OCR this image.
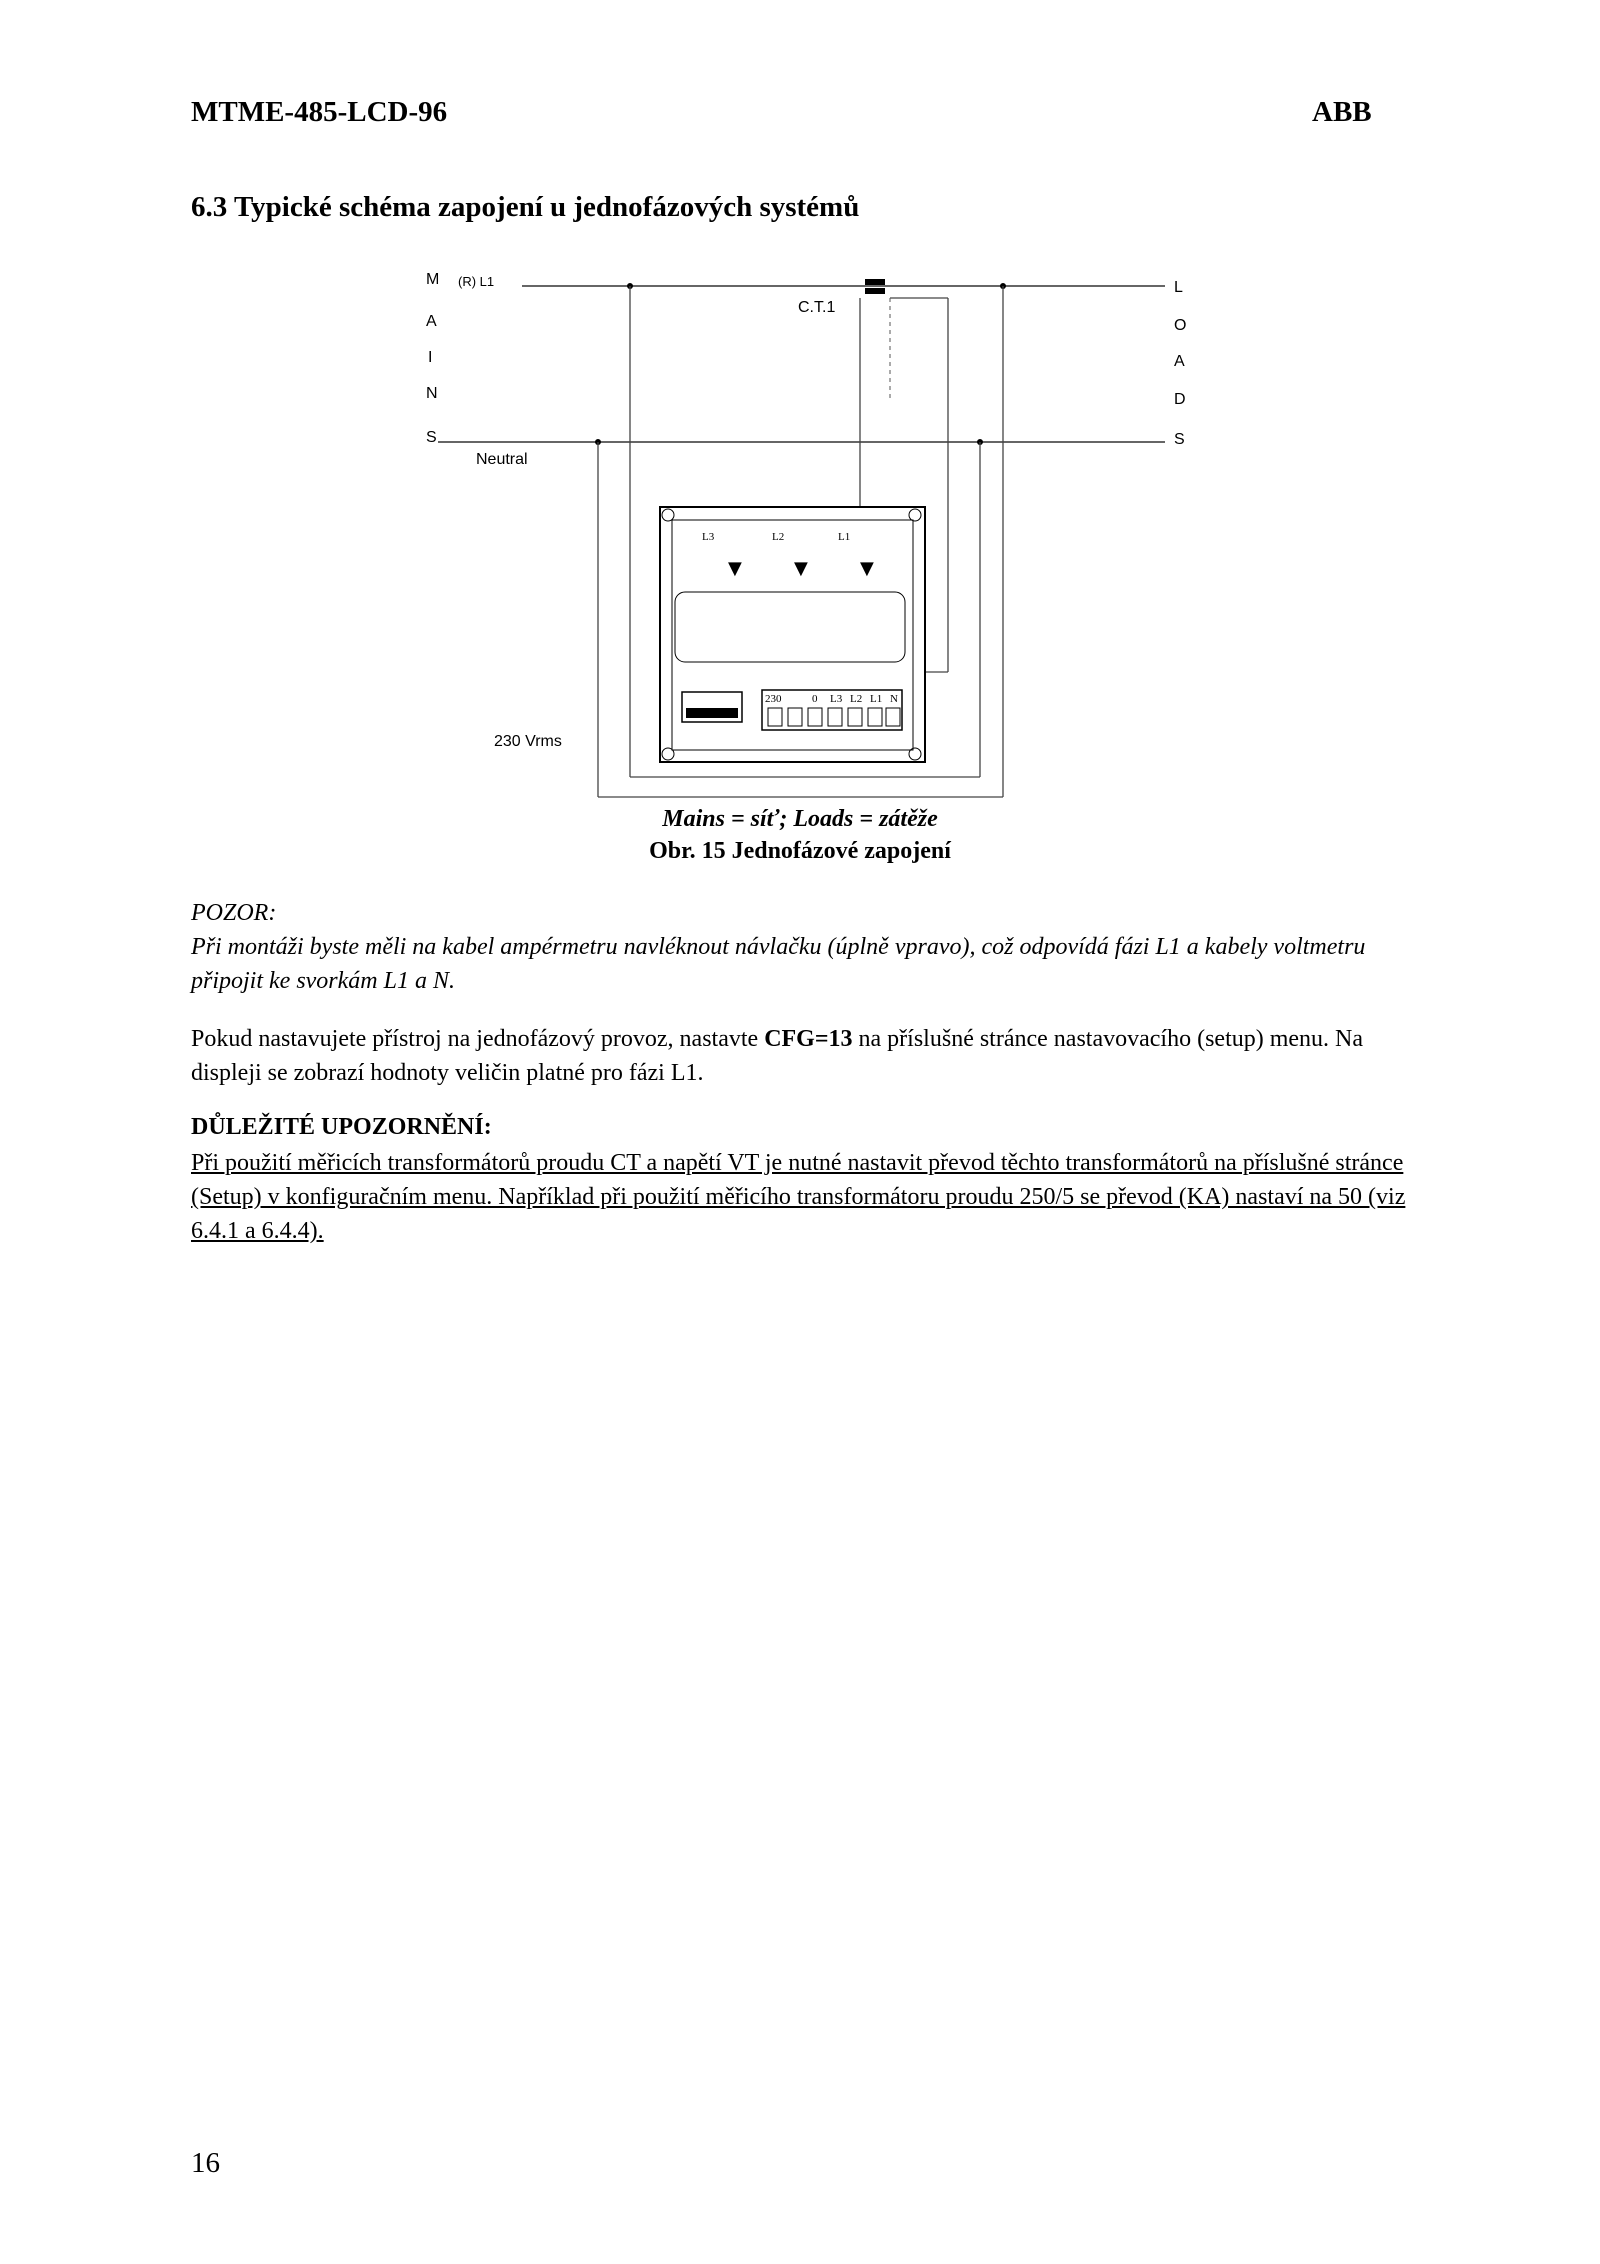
MTME-485-LCD-96	ABB
6.3 Typické schéma zapojení u jednofázových systémů
M
A
I
N
S
L
O
A
D
S
(R) L1
C.T.1
Neutral
230 Vrms
L3	L2	L1
▼	▼	▼
230	0 L3 L2 L1 N
Mains = síť; Loads = zátěže
Obr. 15 Jednofázové zapojení
POZOR:
Při montáži byste měli na kabel ampérmetru navléknout návlačku (úplně vpravo), což odpovídá fázi L1 a kabely voltmetru připojit ke svorkám L1 a N.
Pokud nastavujete přístroj na jednofázový provoz, nastavte CFG=13 na příslušné stránce nastavovacího (setup) menu. Na displeji se zobrazí hodnoty veličin platné pro fázi L1.
DŮLEŽITÉ UPOZORNĚNÍ:
Při použití měřicích transformátorů proudu CT a napětí VT je nutné nastavit převod těchto transformátorů na příslušné stránce (Setup) v konfiguračním menu. Například při použití měřicího transformátoru proudu 250/5 se převod (KA) nastaví na 50 (viz 6.4.1 a 6.4.4).
16
